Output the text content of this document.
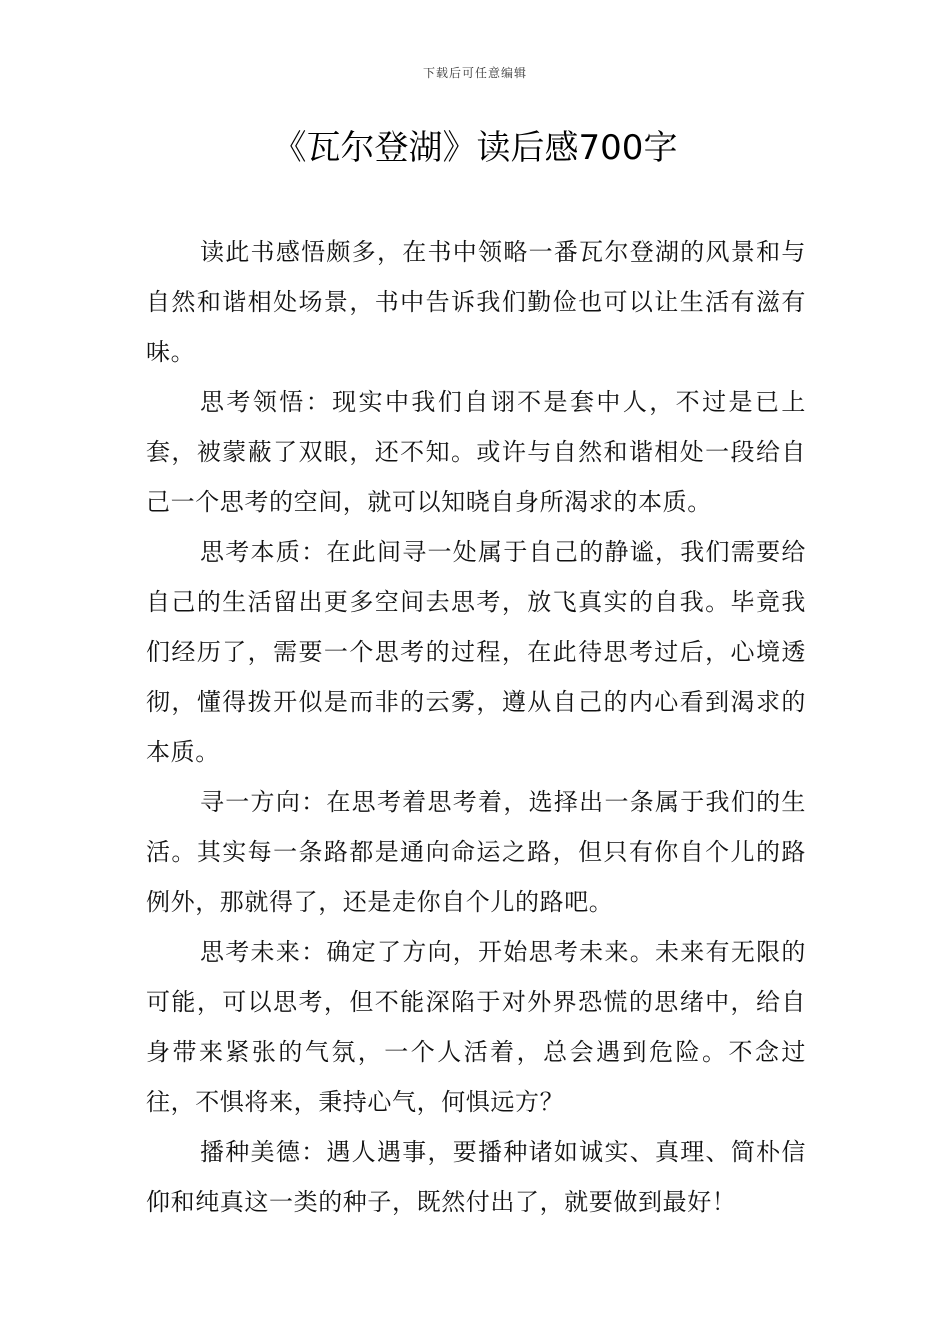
下载后可任意编辑
《瓦尔登湖》读后感700字

读此书感悟颇多，在书中领略一番瓦尔登湖的风景和与自然和谐相处场景，书中告诉我们勤俭也可以让生活有滋有味。

思考领悟：现实中我们自诩不是套中人，不过是已上套，被蒙蔽了双眼，还不知。或许与自然和谐相处一段给自己一个思考的空间，就可以知晓自身所渴求的本质。

思考本质：在此间寻一处属于自己的静谧，我们需要给自己的生活留出更多空间去思考，放飞真实的自我。毕竟我们经历了，需要一个思考的过程，在此待思考过后，心境透彻，懂得拨开似是而非的云雾，遵从自己的内心看到渴求的本质。

寻一方向：在思考着思考着，选择出一条属于我们的生活。其实每一条路都是通向命运之路，但只有你自个儿的路例外，那就得了，还是走你自个儿的路吧。

思考未来：确定了方向，开始思考未来。未来有无限的可能，可以思考，但不能深陷于对外界恐慌的思绪中，给自身带来紧张的气氛，一个人活着，总会遇到危险。不念过往，不惧将来，秉持心气，何惧远方？

播种美德：遇人遇事，要播种诸如诚实、真理、简朴信仰和纯真这一类的种子，既然付出了，就要做到最好！
